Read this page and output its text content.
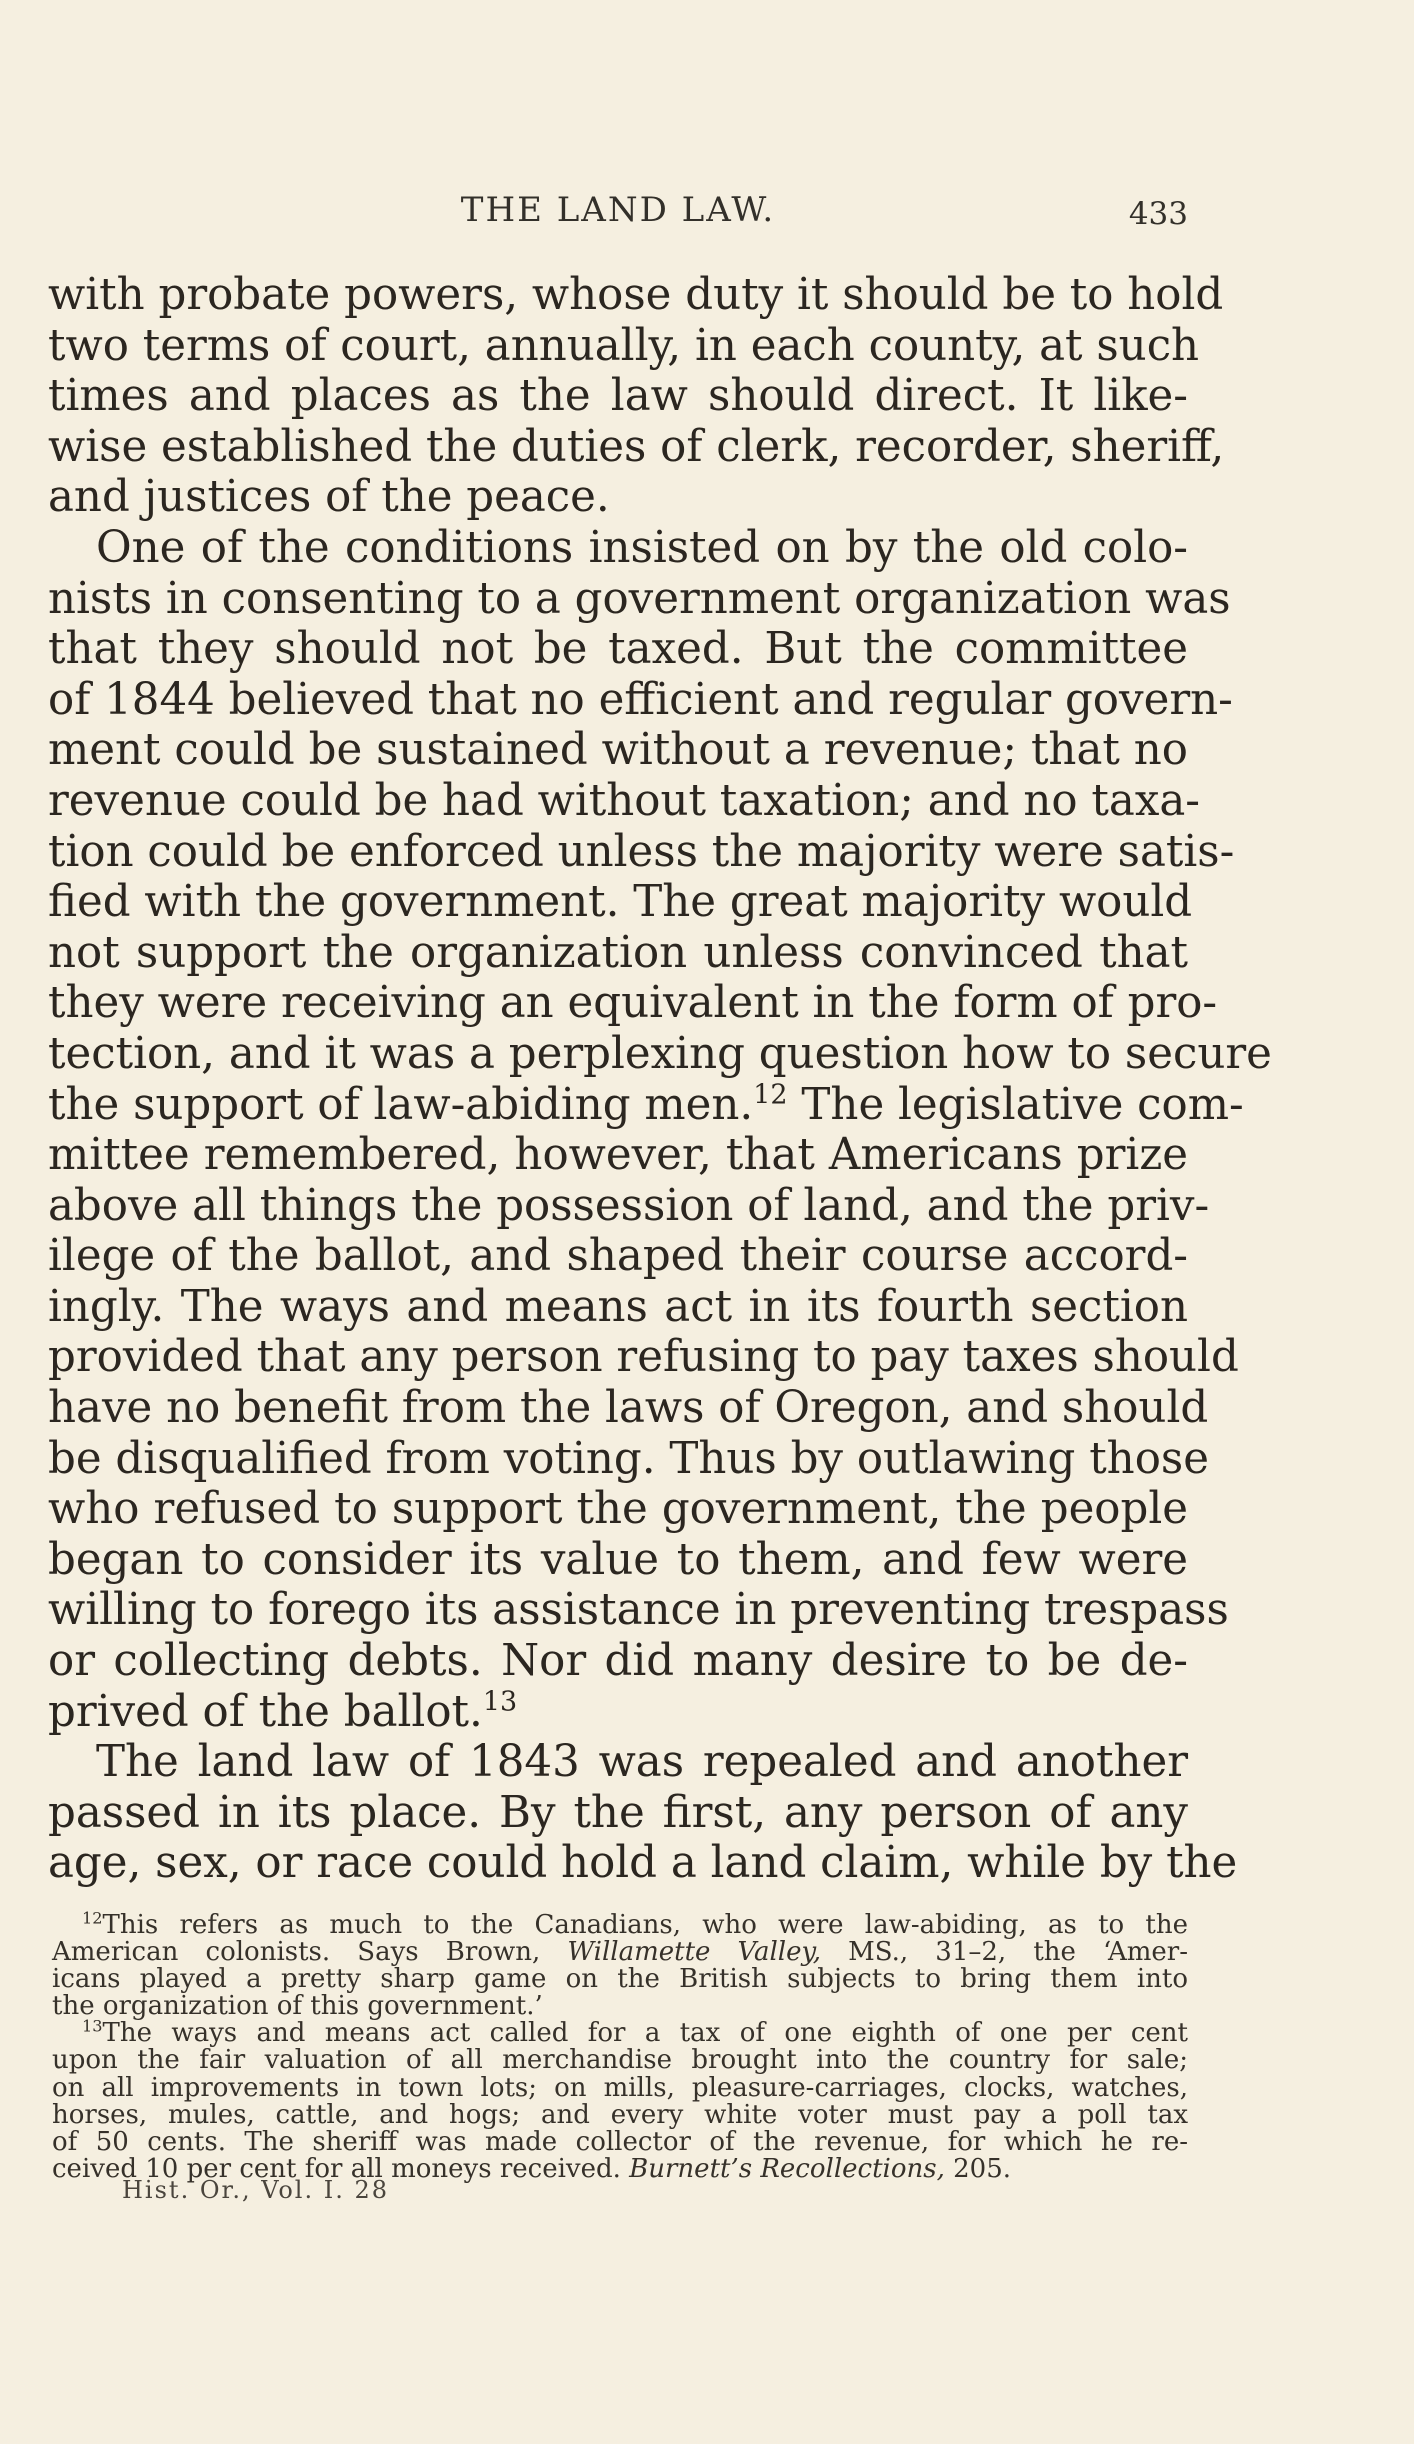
THE LAND LAW.	433
with probate powers, whose duty it should be to hold
two terms of court, annually, in each county, at such
times and places as the law should direct. It like-
wise established the duties of clerk, recorder, sheriff,
and justices of the peace.
One of the conditions insisted on by the old colo-
nists in consenting to a government organization was
that they should not be taxed. But the committee
of 1844 believed that no efficient and regular govern-
ment could be sustained without a revenue; that no
revenue could be had without taxation; and no taxa-
tion could be enforced unless the majority were satis-
fied with the government. The great majority would
not support the organization unless convinced that
they were receiving an equivalent in the form of pro-
tection, and it was a perplexing question how to secure
the support of law-abiding men.$^{12}$ The legislative com-
mittee remembered, however, that Americans prize
above all things the possession of land, and the priv-
ilege of the ballot, and shaped their course accord-
ingly. The ways and means act in its fourth section
provided that any person refusing to pay taxes should
have no benefit from the laws of Oregon, and should
be disqualified from voting. Thus by outlawing those
who refused to support the government, the people
began to consider its value to them, and few were
willing to forego its assistance in preventing trespass
or collecting debts. Nor did many desire to be de-
prived of the ballot.$^{13}$
The land law of 1843 was repealed and another
passed in its place. By the first, any person of any
age, sex, or race could hold a land claim, while by the
$^{12}$This refers as much to the Canadians, who were law-abiding, as to the
American colonists. Says Brown, Willamette Valley, MS., 31–2, the ‘Amer-
icans played a pretty sharp game on the British subjects to bring them into
the organization of this government.’
$^{13}$The ways and means act called for a tax of one eighth of one per cent
upon the fair valuation of all merchandise brought into the country for sale;
on all improvements in town lots; on mills, pleasure-carriages, clocks, watches,
horses, mules, cattle, and hogs; and every white voter must pay a poll tax
of 50 cents. The sheriff was made collector of the revenue, for which he re-
ceived 10 per cent for all moneys received. Burnett’s Recollections, 205.
Hist. Or., Vol. I. 28
